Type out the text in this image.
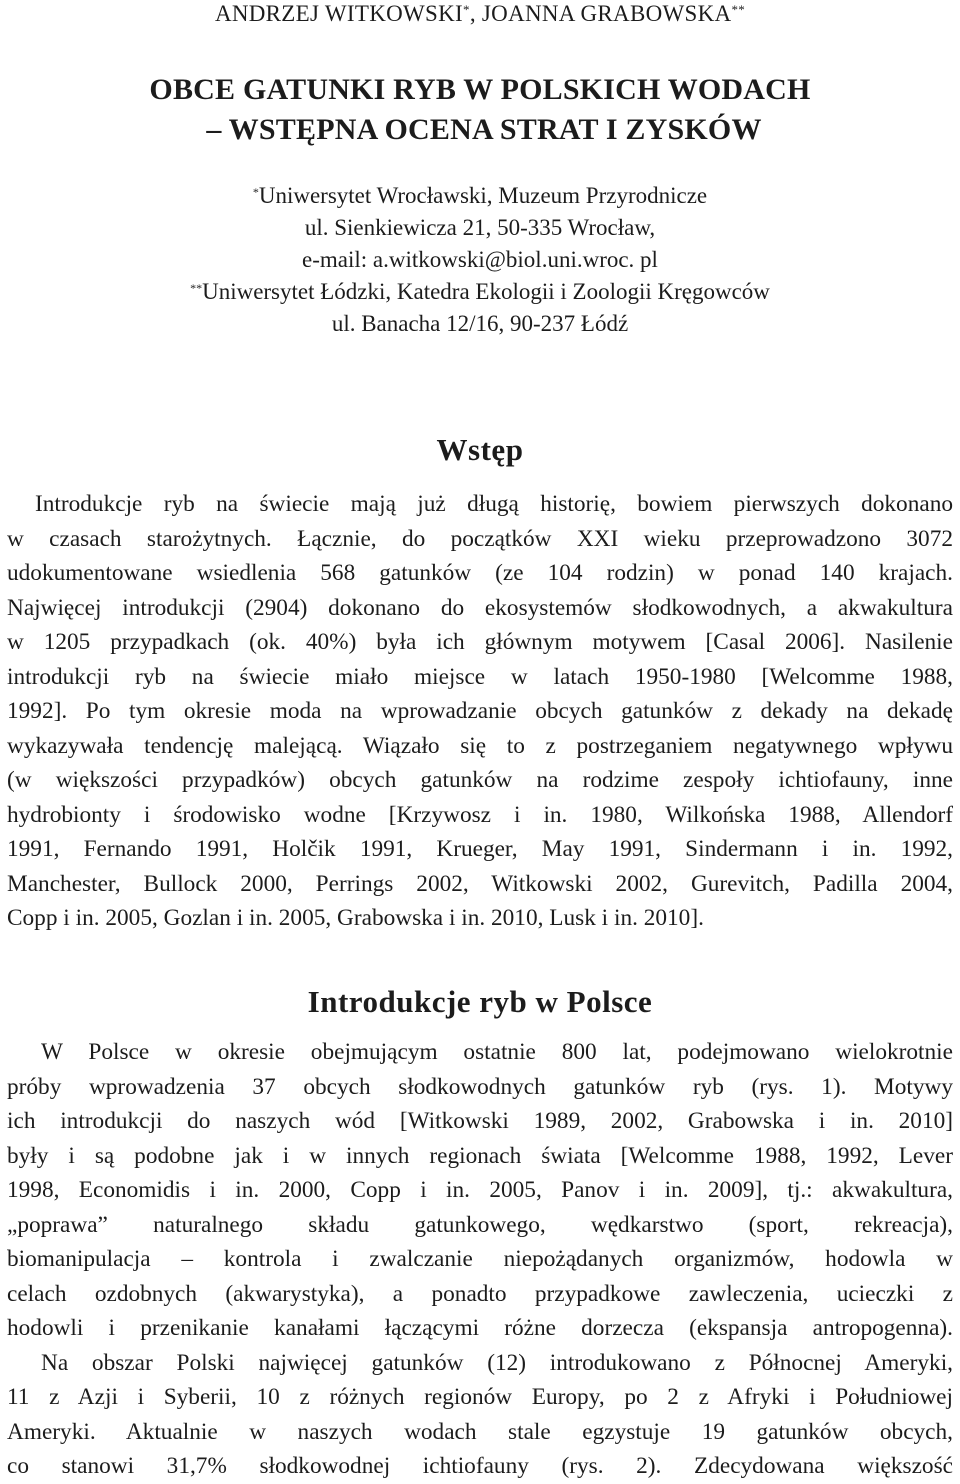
ANDRZEJ WITKOWSKI*, JOANNA GRABOWSKA**
OBCE GATUNKI RYB W POLSKICH WODACH

– WSTĘPNA OCENA STRAT I ZYSKÓW
*Uniwersytet Wrocławski, Muzeum Przyrodnicze
ul. Sienkiewicza 21, 50-335 Wrocław,
e-mail: a.witkowski@biol.uni.wroc. pl
**Uniwersytet Łódzki, Katedra Ekologii i Zoologii Kręgowców
ul. Banacha 12/16, 90-237 Łódź
Wstęp
Introdukcje ryb na świecie mają już długą historię, bowiem pierwszych dokonano
w czasach starożytnych. Łącznie, do początków XXI wieku przeprowadzono 3072
udokumentowane wsiedlenia 568 gatunków (ze 104 rodzin) w ponad 140 krajach.
Najwięcej introdukcji (2904) dokonano do ekosystemów słodkowodnych, a akwakultura
w 1205 przypadkach (ok. 40%) była ich głównym motywem [Casal 2006]. Nasilenie
introdukcji ryb na świecie miało miejsce w latach 1950-1980 [Welcomme 1988,
1992]. Po tym okresie moda na wprowadzanie obcych gatunków z dekady na dekadę
wykazywała tendencję malejącą. Wiązało się to z postrzeganiem negatywnego wpływu
(w większości przypadków) obcych gatunków na rodzime zespoły ichtiofauny, inne
hydrobionty i środowisko wodne [Krzywosz i in. 1980, Wilkońska 1988, Allendorf
1991, Fernando 1991, Holčik 1991, Krueger, May 1991, Sindermann i in. 1992,
Manchester, Bullock 2000, Perrings 2002, Witkowski 2002, Gurevitch, Padilla 2004,
Copp i in. 2005, Gozlan i in. 2005, Grabowska i in. 2010, Lusk i in. 2010].
Introdukcje ryb w Polsce
W Polsce w okresie obejmującym ostatnie 800 lat, podejmowano wielokrotnie
próby wprowadzenia 37 obcych słodkowodnych gatunków ryb (rys. 1). Motywy
ich introdukcji do naszych wód [Witkowski 1989, 2002, Grabowska i in. 2010]
były i są podobne jak i w innych regionach świata [Welcomme 1988, 1992, Lever
1998, Economidis i in. 2000, Copp i in. 2005, Panov i in. 2009], tj.: akwakultura,
„poprawa” naturalnego składu gatunkowego, wędkarstwo (sport, rekreacja),
biomanipulacja – kontrola i zwalczanie niepożądanych organizmów, hodowla w
celach ozdobnych (akwarystyka), a ponadto przypadkowe zawleczenia, ucieczki z
hodowli i przenikanie kanałami łączącymi różne dorzecza (ekspansja antropogenna).
Na obszar Polski najwięcej gatunków (12) introdukowano z Północnej Ameryki,
11 z Azji i Syberii, 10 z różnych regionów Europy, po 2 z Afryki i Południowej
Ameryki. Aktualnie w naszych wodach stale egzystuje 19 gatunków obcych,
co stanowi 31,7% słodkowodnej ichtiofauny (rys. 2). Zdecydowana większość
